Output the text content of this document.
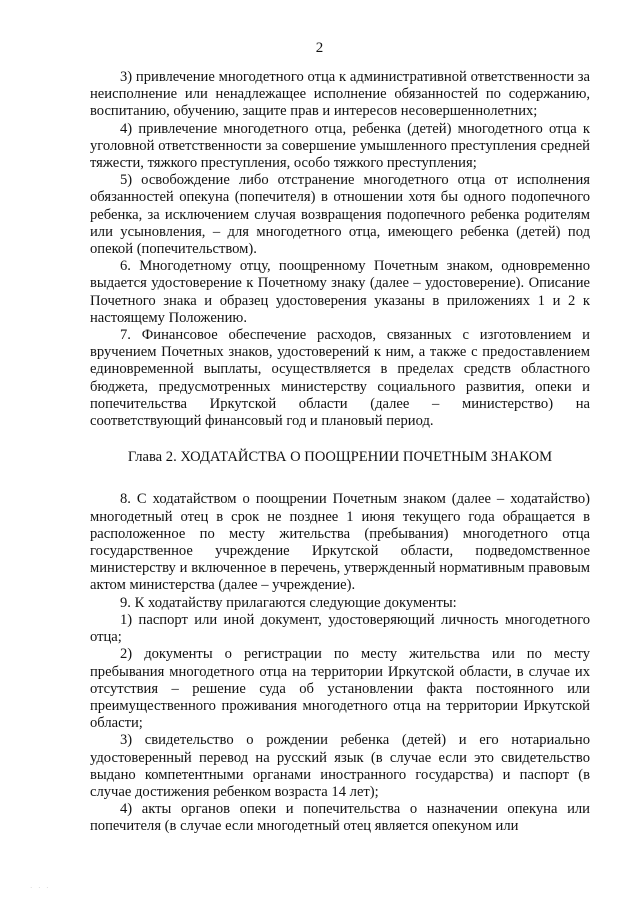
2

3) привлечение многодетного отца к административной ответственности за неисполнение или ненадлежащее исполнение обязанностей по содержанию, воспитанию, обучению, защите прав и интересов несовершеннолетних;

4) привлечение многодетного отца, ребенка (детей) многодетного отца к уголовной ответственности за совершение умышленного преступления средней тяжести, тяжкого преступления, особо тяжкого преступления;

5) освобождение либо отстранение многодетного отца от исполнения обязанностей опекуна (попечителя) в отношении хотя бы одного подопечного ребенка, за исключением случая возвращения подопечного ребенка родителям или усыновления, – для многодетного отца, имеющего ребенка (детей) под опекой (попечительством).

6. Многодетному отцу, поощренному Почетным знаком, одновременно выдается удостоверение к Почетному знаку (далее – удостоверение). Описание Почетного знака и образец удостоверения указаны в приложениях 1 и 2 к настоящему Положению.

7. Финансовое обеспечение расходов, связанных с изготовлением и вручением Почетных знаков, удостоверений к ним, а также с предоставлением единовременной выплаты, осуществляется в пределах средств областного бюджета, предусмотренных министерству социального развития, опеки и попечительства Иркутской области (далее – министерство) на соответствующий финансовый год и плановый период.

Глава 2. ХОДАТАЙСТВА О ПООЩРЕНИИ ПОЧЕТНЫМ ЗНАКОМ

8. С ходатайством о поощрении Почетным знаком (далее – ходатайство) многодетный отец в срок не позднее 1 июня текущего года обращается в расположенное по месту жительства (пребывания) многодетного отца государственное учреждение Иркутской области, подведомственное министерству и включенное в перечень, утвержденный нормативным правовым актом министерства (далее – учреждение).

9. К ходатайству прилагаются следующие документы:

1) паспорт или иной документ, удостоверяющий личность многодетного отца;

2) документы о регистрации по месту жительства или по месту пребывания многодетного отца на территории Иркутской области, в случае их отсутствия – решение суда об установлении факта постоянного или преимущественного проживания многодетного отца на территории Иркутской области;

3) свидетельство о рождении ребенка (детей) и его нотариально удостоверенный перевод на русский язык (в случае если это свидетельство выдано компетентными органами иностранного государства) и паспорт (в случае достижения ребенком возраста 14 лет);

4) акты органов опеки и попечительства о назначении опекуна или попечителя (в случае если многодетный отец является опекуном или

· · ·
